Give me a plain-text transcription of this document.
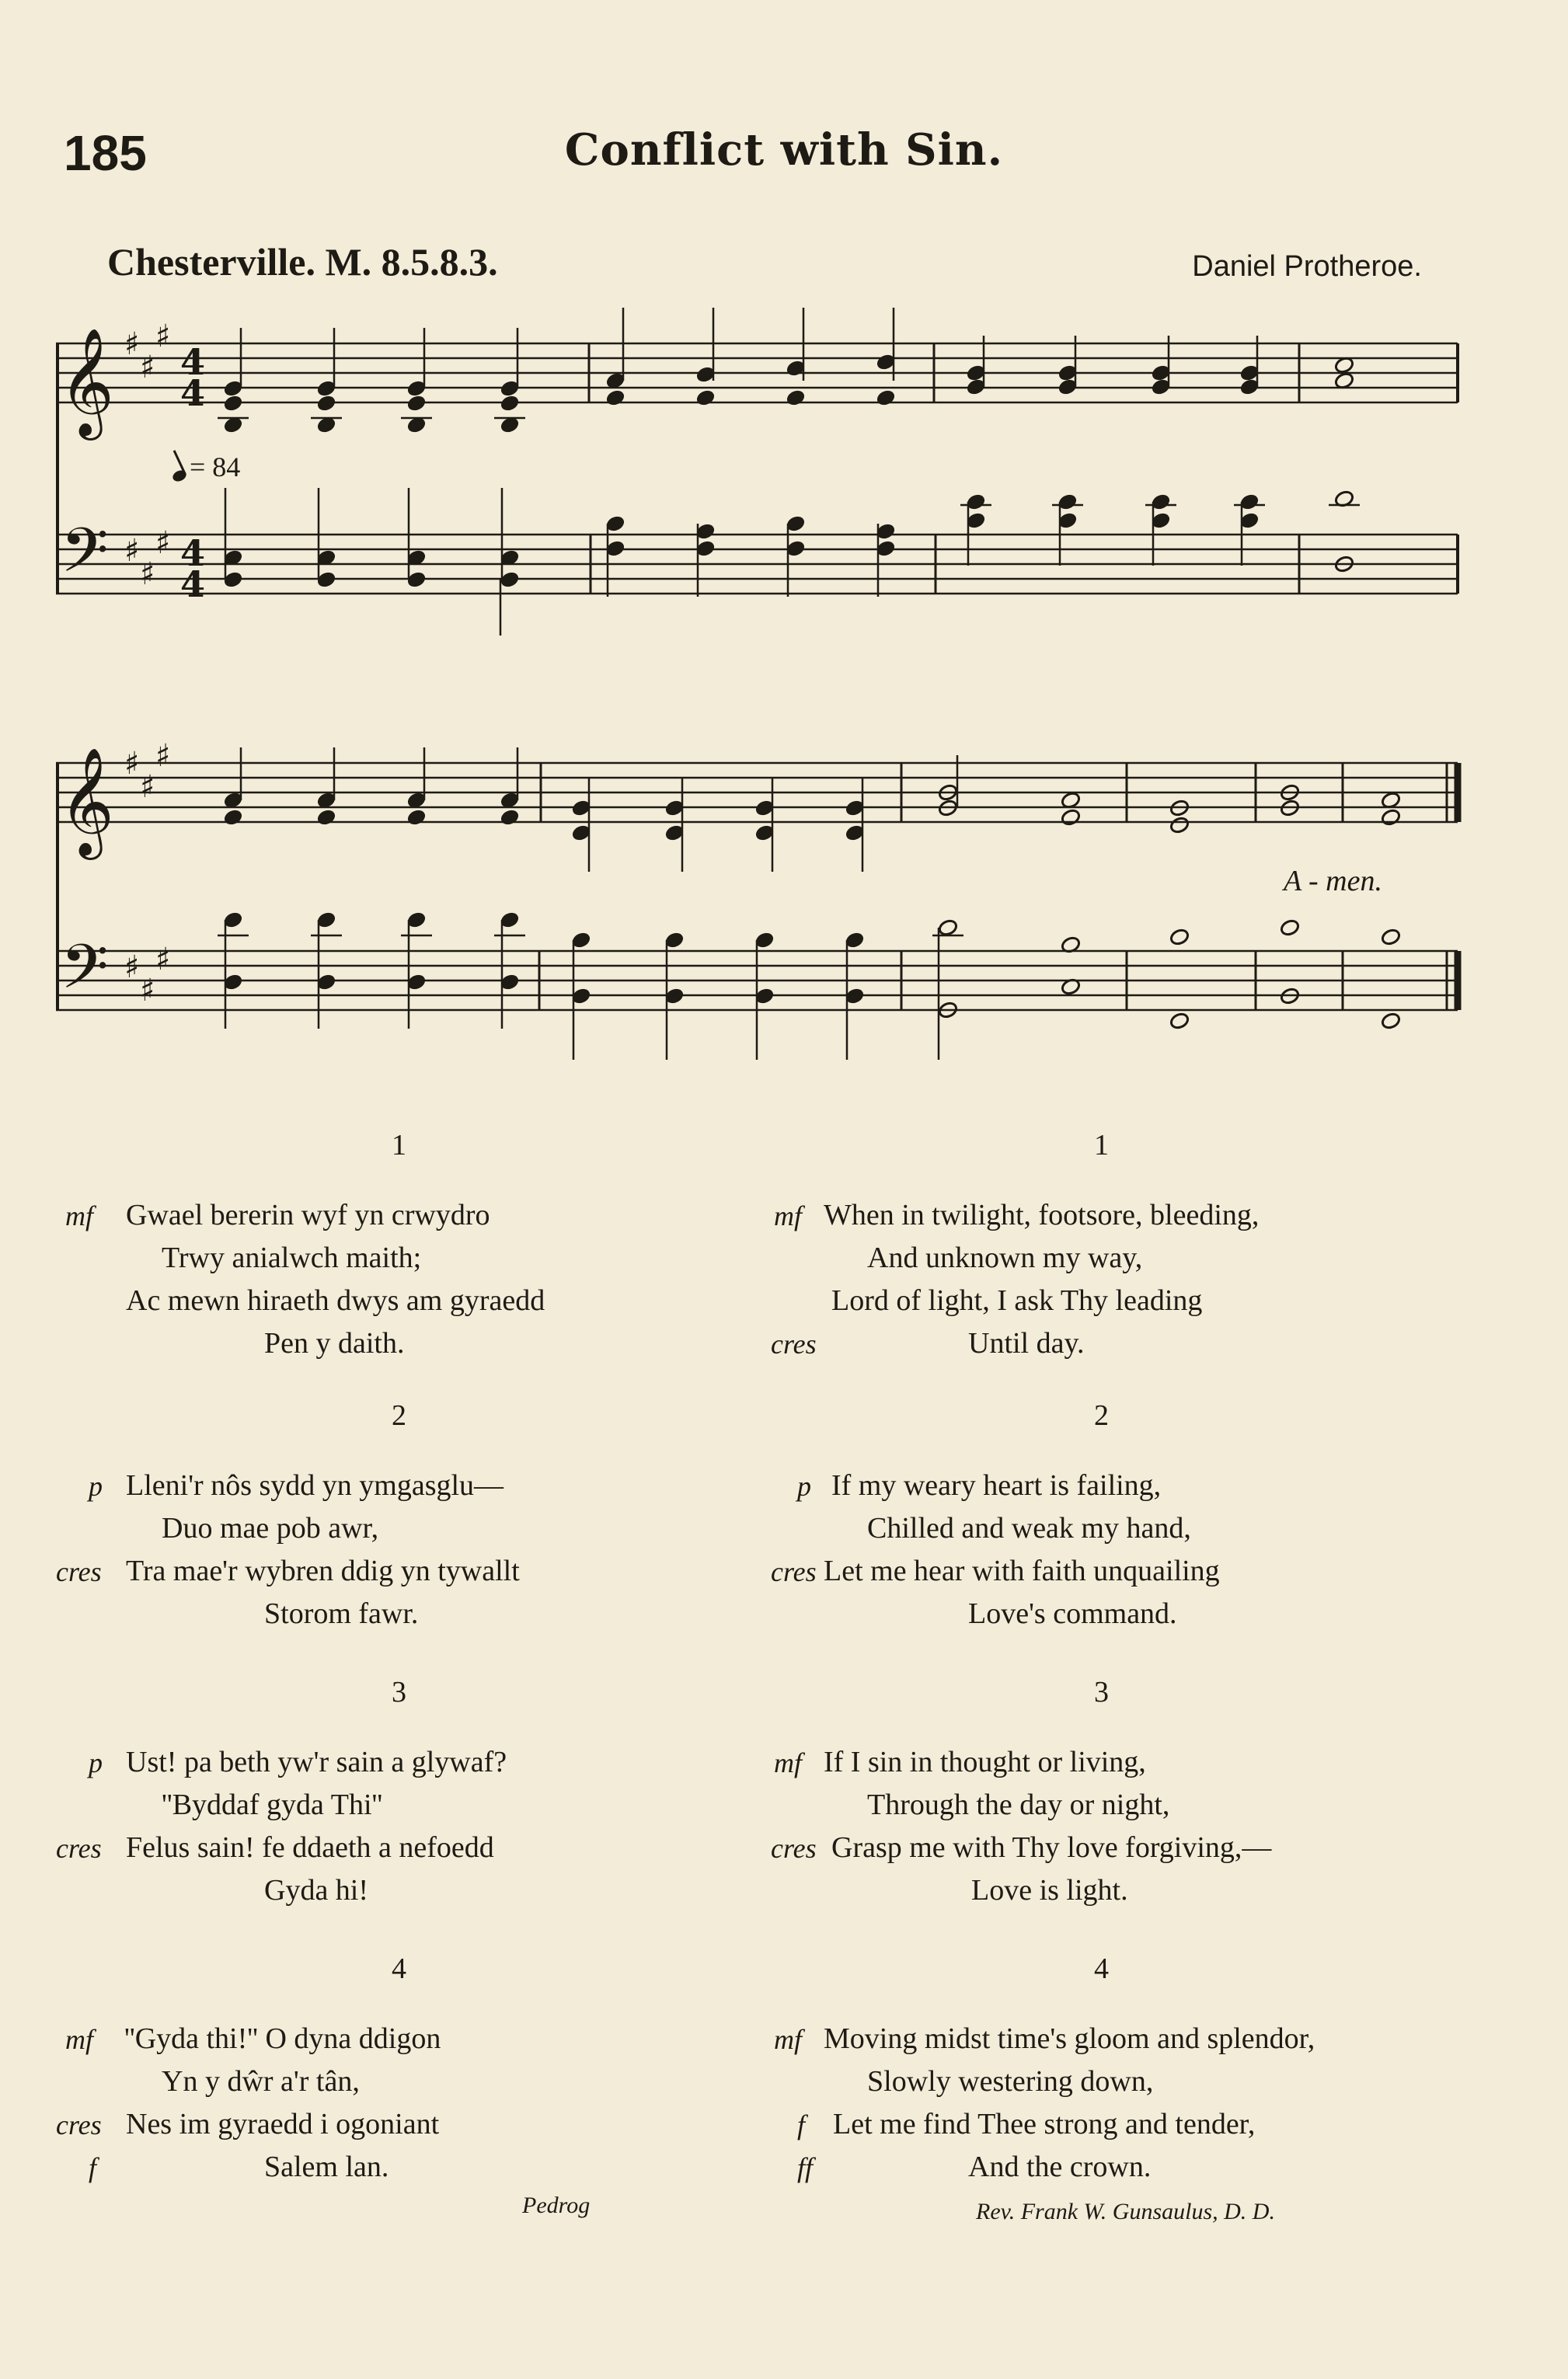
185	Conflict with Sin.
Chesterville. M. 8.5.8.3.	Daniel Protheroe.
𝄞 ♯
♯
♯
4
4
𝄢 ♯
♯
♯ 4
4
𝄞 ♯
♯
♯
𝄢 ♯
♯
♯
= 84
A - men.
1
mf Gwael bererin wyf yn crwydro
Trwy anialwch maith;
Ac mewn hiraeth dwys am gyraedd
Pen y daith.
2
p Lleni'r nôs sydd yn ymgasglu—
Duo mae pob awr,
cres Tra mae'r wybren ddig yn tywallt
Storom fawr.
3
p Ust! pa beth yw'r sain a glywaf?
''Byddaf gyda Thi''
cres Felus sain! fe ddaeth a nefoedd
Gyda hi!
4
mf ''Gyda thi!'' O dyna ddigon
Yn y dŵr a'r tân,
cres Nes im gyraedd i ogoniant
f	Salem lan.
1
mf When in twilight, footsore, bleeding,
And unknown my way,
Lord of light, I ask Thy leading
cres	Until day.
2
p If my weary heart is failing,
Chilled and weak my hand,
cres Let me hear with faith unquailing
Love's command.
3
mf If I sin in thought or living,
Through the day or night,
cres Grasp me with Thy love forgiving,—
Love is light.
4
mf Moving midst time's gloom and splendor,
Slowly westering down,
f Let me find Thee strong and tender,
ff	And the crown.
Pedrog	Rev. Frank W. Gunsaulus, D. D.
